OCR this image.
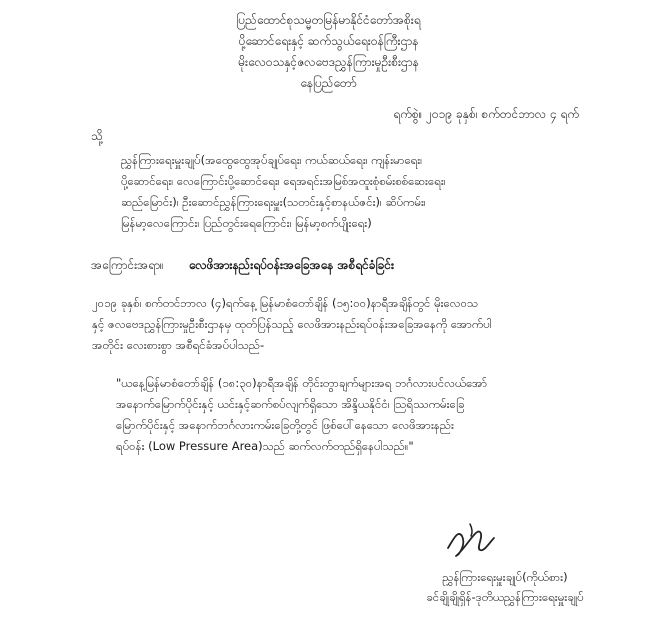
ပြည်ထောင်စုသမ္မတမြန်မာနိုင်ငံတော်အစိုးရ
ပို့ဆောင်ရေးနှင့် ဆက်သွယ်ရေးဝန်ကြီးဌာန
မိုးလေဝသနှင့်ဇလဗေဒညွှန်ကြားမှုဦးစီးဌာန
နေပြည်တော်
ရက်စွဲ။ ၂၀၁၉ ခုနှစ်၊ စက်တင်ဘာလ ၄ ရက်
သို့
ညွှန်ကြားရေးမှူးချုပ်(အထွေထွေအုပ်ချုပ်ရေး၊ ကယ်ဆယ်ရေး၊ ကျန်းမာရေး၊
ပို့ဆောင်ရေး၊ လေကြောင်းပို့ဆောင်ရေး၊ ရေအရင်းအမြစ်အထူးစုံစမ်းစစ်ဆေးရေး၊
ဆည်မြောင်း)၊ ဦးဆောင်ညွှန်ကြားရေးမှူး(သတင်းနှင့်စာနယ်ဇင်း)၊ ဆိပ်ကမ်း၊
မြန်မာ့လေကြောင်း၊ ပြည်တွင်းရေကြောင်း၊ မြန်မာ့စက်ပျိုးရေး)
အကြောင်းအရာ။ လေဖိအားနည်းရပ်ဝန်းအခြေအနေ အစီရင်ခံခြင်း
၂၀၁၉ ခုနှစ်၊ စက်တင်ဘာလ (၄)ရက်နေ့ မြန်မာစံတော်ချိန် (၁၅:၀၀)နာရီအချိန်တွင် မိုးလေဝသ
နှင့် ဇလဗေဒညွှန်ကြားမှုဦးစီးဌာနမှ ထုတ်ပြန်သည့် လေဖိအားနည်းရပ်ဝန်းအခြေအနေကို အောက်ပါ
အတိုင်း လေးစားစွာ အစီရင်ခံအပ်ပါသည်-
"ယနေ့မြန်မာစံတော်ချိန် (၁၈:၃၀)နာရီအချိန် တိုင်းတွာချက်များအရ ဘင်္ဂလားပင်လယ်အော်
အနောက်မြောက်ပိုင်းနှင့် ယင်းနှင့်ဆက်စပ်လျက်ရှိသော အိန္ဒိယနိုင်ငံ၊ ဩရိဿကမ်းခြေ
မြောက်ပိုင်းနှင့် အနောက်ဘင်္ဂလားကမ်းခြေတို့တွင် ဖြစ်ပေါ်နေသော လေဖိအားနည်း
ရပ်ဝန်း (Low Pressure Area)သည် ဆက်လက်တည်ရှိနေပါသည်။"
ညွှန်ကြားရေးမှူးချုပ်(ကိုယ်စား)
ခင်ချိုချိုရှိန်-ဒုတိယညွှန်ကြားရေးမှူးချုပ်
